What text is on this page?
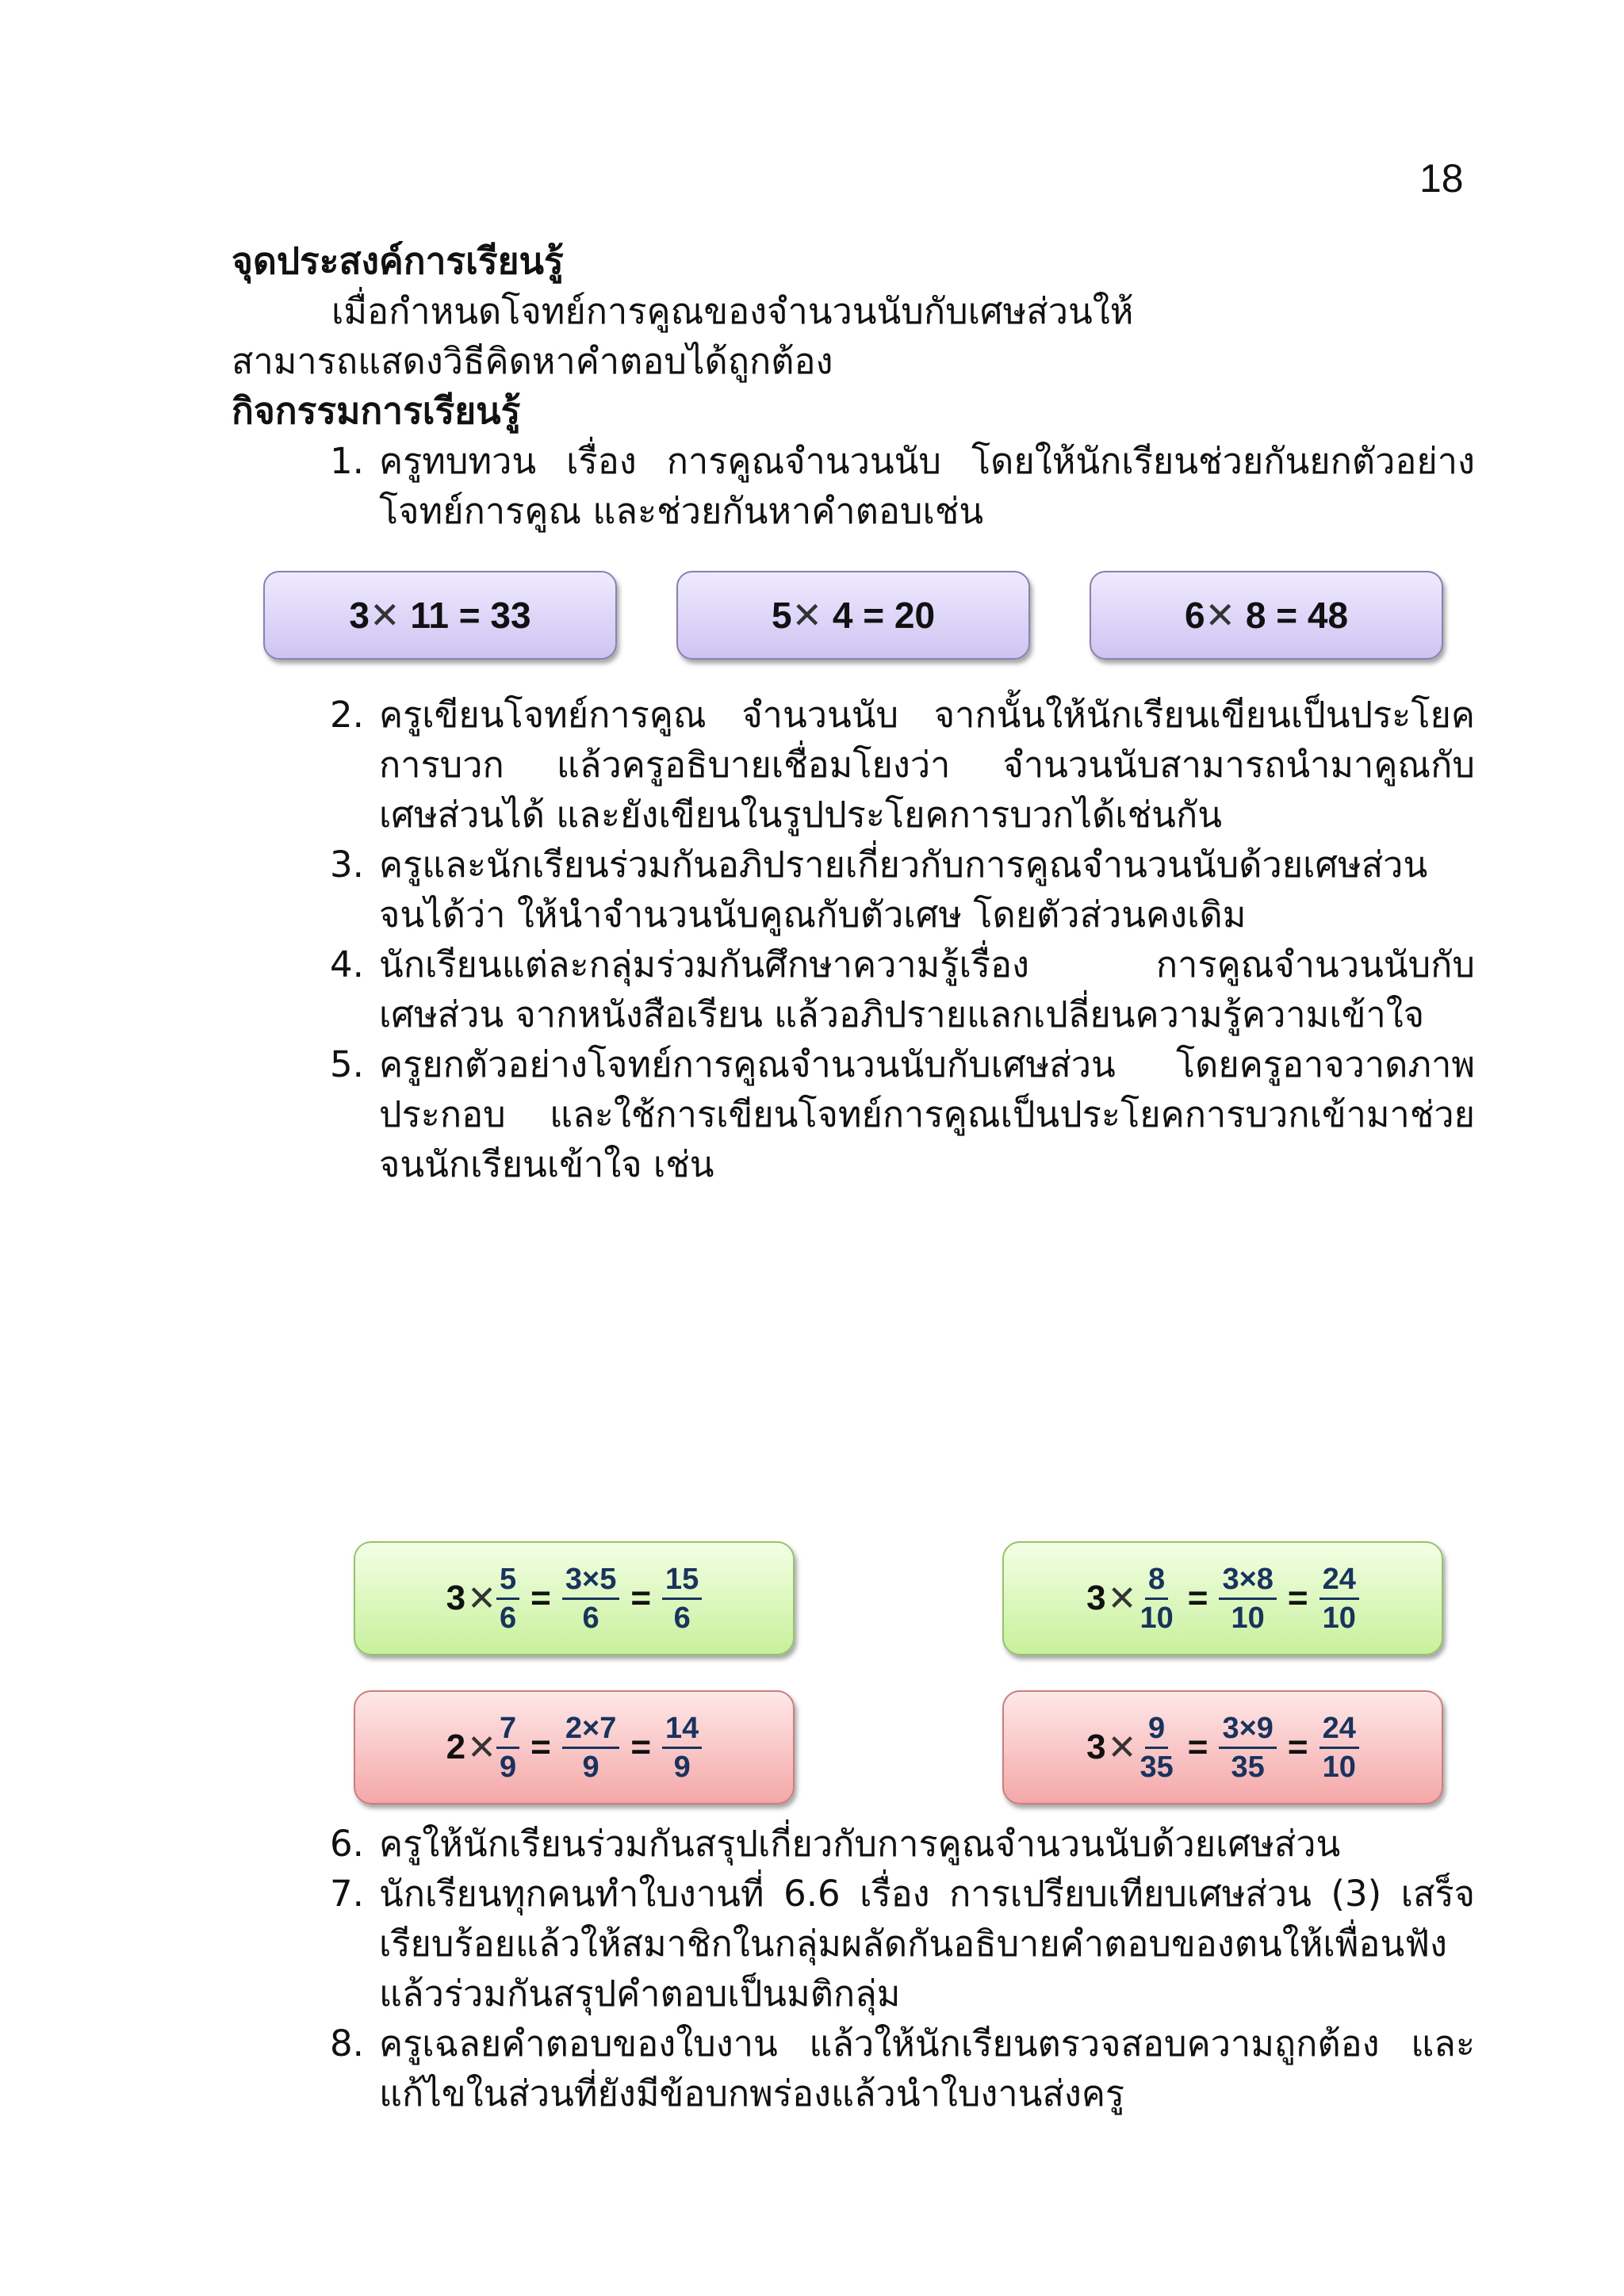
18

จุดประสงค์การเรียนรู้

เมื่อกำหนดโจทย์การคูณของจำนวนนับกับเศษส่วนให้
สามารถแสดงวิธีคิดหาคำตอบได้ถูกต้อง

กิจกรรมการเรียนรู้

1. ครูทบทวน เรื่อง การคูณจำนวนนับ โดยให้นักเรียนช่วยกันยกตัวอย่างโจทย์การคูณ และช่วยกันหาคำตอบเช่น
3 ✕
11
=
33	5 ✕
4
=
20	6 ✕
8
=
48
2. ครูเขียนโจทย์การคูณ จำนวนนับ จากนั้นให้นักเรียนเขียนเป็นประโยคการบวก แล้วครูอธิบายเชื่อมโยงว่า จำนวนนับสามารถนำมาคูณกับเศษส่วนได้ และยังเขียนในรูปประโยคการบวกได้เช่นกัน
3. ครูและนักเรียนร่วมกันอภิปรายเกี่ยวกับการคูณจำนวนนับด้วยเศษส่วน จนได้ว่า ให้นำจำนวนนับคูณกับตัวเศษ โดยตัวส่วนคงเดิม
4. นักเรียนแต่ละกลุ่มร่วมกันศึกษาความรู้เรื่อง การคูณจำนวนนับกับเศษส่วน จากหนังสือเรียน แล้วอภิปรายแลกเปลี่ยนความรู้ความเข้าใจ
5. ครูยกตัวอย่างโจทย์การคูณจำนวนนับกับเศษส่วน โดยครูอาจวาดภาพประกอบ และใช้การเขียนโจทย์การคูณเป็นประโยคการบวกเข้ามาช่วย จนนักเรียนเข้าใจ เช่น
3 ✕ $\frac{5}{6} = \frac{3\times 5}{6} = \frac{15}{6}$	3 ✕ $\frac{8}{10} = \frac{3\times 8}{10} = \frac{24}{10}$
2 ✕ $\frac{7}{9} = \frac{2\times 7}{9} = \frac{14}{9}$	3 ✕ $\frac{9}{35} = \frac{3\times 9}{35} = \frac{24}{10}$
6. ครูให้นักเรียนร่วมกันสรุปเกี่ยวกับการคูณจำนวนนับด้วยเศษส่วน
7. นักเรียนทุกคนทำใบงานที่ 6.6 เรื่อง การเปรียบเทียบเศษส่วน (3) เสร็จเรียบร้อยแล้วให้สมาชิกในกลุ่มผลัดกันอธิบายคำตอบของตนให้เพื่อนฟัง แล้วร่วมกันสรุปคำตอบเป็นมติกลุ่ม
8. ครูเฉลยคำตอบของใบงาน แล้วให้นักเรียนตรวจสอบความถูกต้อง และแก้ไขในส่วนที่ยังมีข้อบกพร่องแล้วนำใบงานส่งครู
